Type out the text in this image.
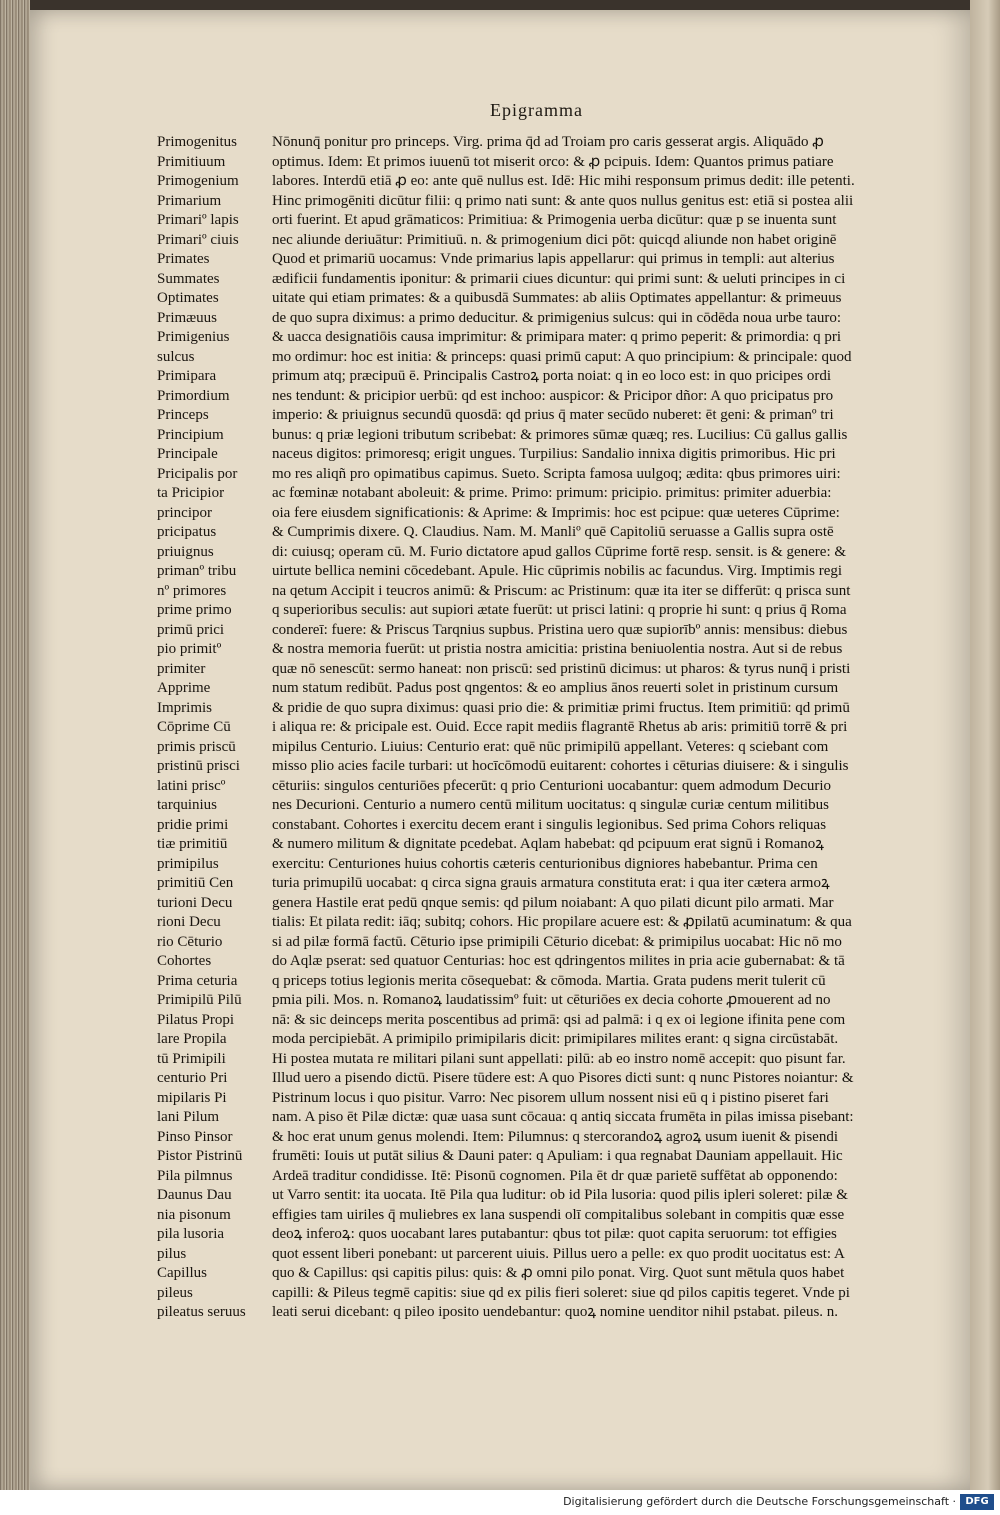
Epigramma
Primogenitus
Primitiuum
Primogenium
Primarium
Primariº lapis
Primariº ciuis
Primates
Summates
Optimates
Primæuus
Primigenius
sulcus
Primipara
Primordium
Princeps
Principium
Principale
Pricipalis por
ta Pricipior
principor
pricipatus
priuignus
primanº tribu
nº primores
prime primo
primū prici
pio primitº
primiter
Apprime
Imprimis
Cōprime Cū
primis priscū
pristinū prisci
latini priscº
tarquinius
pridie primi
tiæ primitiū
primipilus
primitiū Cen
turioni Decu
rioni Decu
rio Cēturio
Cohortes
Prima ceturia
Primipilū Pilū
Pilatus Propi
lare Propila
tū Primipili
centurio Pri
mipilaris Pi
lani Pilum
Pinso Pinsor
Pistor Pistrinū
Pila pilmnus
Daunus Dau
nia pisonum
pila lusoria
pilus
Capillus
pileus
pileatus seruus
Nōnunq̄ ponitur pro princeps. Virg. prima q̄d ad Troiam pro caris gesserat argis. Aliquādo ꝓ
optimus. Idem: Et primos iuuenū tot miserit orco: & ꝓ pcipuis. Idem: Quantos primus patiare
labores. Interdū etiā ꝓ eo: ante quē nullus est. Idē: Hic mihi responsum primus dedit: ille petenti.
Hinc primogēniti dicūtur filii: q primo nati sunt: & ante quos nullus genitus est: etiā si postea alii
orti fuerint. Et apud grāmaticos: Primitiua: & Primogenia uerba dicūtur: quæ p se inuenta sunt
nec aliunde deriuātur: Primitiuū. n. & primogenium dici pōt: quicqd aliunde non habet originē
Quod et primariū uocamus: Vnde primarius lapis appellarur: qui primus in templi: aut alterius
ædificii fundamentis iponitur: & primarii ciues dicuntur: qui primi sunt: & ueluti principes in ci
uitate qui etiam primates: & a quibusdā Summates: ab aliis Optimates appellantur: & primeuus
de quo supra diximus: a primo deducitur. & primigenius sulcus: qui in cōdēda noua urbe tauro:
& uacca designatiōis causa imprimitur: & primipara mater: q primo peperit: & primordia: q pri
mo ordimur: hoc est initia: & princeps: quasi primū caput: A quo principium: & principale: quod
primum atq; præcipuū ē. Principalis Castroꝝ porta noiat: q in eo loco est: in quo pricipes ordi
nes tendunt: & pricipior uerbū: qd est inchoo: auspicor: & Pricipor dñor: A quo pricipatus pro
imperio: & priuignus secundū quosdā: qd prius q̄ mater secūdo nuberet: ēt geni: & primanº tri
bunus: q priæ legioni tributum scribebat: & primores sūmæ quæq; res. Lucilius: Cū gallus gallis
naceus digitos: primoresq; erigit ungues. Turpilius: Sandalio innixa digitis primoribus. Hic pri
mo res aliqñ pro opimatibus capimus. Sueto. Scripta famosa uulgoq; ædita: qbus primores uiri:
ac fœminæ notabant aboleuit: & prime. Primo: primum: pricipio. primitus: primiter aduerbia:
oia fere eiusdem significationis: & Aprime: & Imprimis: hoc est pcipue: quæ ueteres Cūprime:
& Cumprimis dixere. Q. Claudius. Nam. M. Manliº quē Capitoliū seruasse a Gallis supra ostē
di: cuiusq; operam cū. M. Furio dictatore apud gallos Cūprime fortē resp. sensit. is & genere: &
uirtute bellica nemini cōcedebant. Apule. Hic cūprimis nobilis ac facundus. Virg. Imptimis regi
na qetum Accipit i teucros animū: & Priscum: ac Pristinum: quæ ita iter se differūt: q prisca sunt
q superioribus seculis: aut supiori ætate fuerūt: ut prisci latini: q proprie hi sunt: q prius q̄ Roma
condereī: fuere: & Priscus Tarqnius supbus. Pristina uero quæ supiorībº annis: mensibus: diebus
& nostra memoria fuerūt: ut pristia nostra amicitia: pristina beniuolentia nostra. Aut si de rebus
quæ nō senescūt: sermo haneat: non priscū: sed pristinū dicimus: ut pharos: & tyrus nunq̄ i pristi
num statum redibūt. Padus post qngentos: & eo amplius ānos reuerti solet in pristinum cursum
& pridie de quo supra diximus: quasi prio die: & primitiæ primi fructus. Item primitiū: qd primū
i aliqua re: & pricipale est. Ouid. Ecce rapit mediis flagrantē Rhetus ab aris: primitiū torrē & pri
mipilus Centurio. Liuius: Centurio erat: quē nūc primipilū appellant. Veteres: q sciebant com
misso plio acies facile turbari: ut hocīcōmodū euitarent: cohortes i cēturias diuisere: & i singulis
cēturiis: singulos centuriōes pfecerūt: q prio Centurioni uocabantur: quem admodum Decurio
nes Decurioni. Centurio a numero centū militum uocitatus: q singulæ curiæ centum militibus
constabant. Cohortes i exercitu decem erant i singulis legionibus. Sed prima Cohors reliquas
& numero militum & dignitate pcedebat. Aqlam habebat: qd pcipuum erat signū i Romanoꝝ
exercitu: Centuriones huius cohortis cæteris centurionibus digniores habebantur. Prima cen
turia primupilū uocabat: q circa signa grauis armatura constituta erat: i qua iter cætera armoꝝ
genera Hastile erat pedū qnque semis: qd pilum noiabant: A quo pilati dicunt pilo armati. Mar
tialis: Et pilata redit: iāq; subitq; cohors. Hic propilare acuere est: & ꝓpilatū acuminatum: & qua
si ad pilæ formā factū. Cēturio ipse primipili Cēturio dicebat: & primipilus uocabat: Hic nō mo
do Aqlæ pserat: sed quatuor Centurias: hoc est qdringentos milites in pria acie gubernabat: & tā
q priceps totius legionis merita cōsequebat: & cōmoda. Martia. Grata pudens merit tulerit cū
pmia pili. Mos. n. Romanoꝝ laudatissimº fuit: ut cēturiōes ex decia cohorte ꝓmouerent ad no
nā: & sic deinceps merita poscentibus ad primā: qsi ad palmā: i q ex oi legione ifinita pene com
moda percipiebāt. A primipilo primipilaris dicit: primipilares milites erant: q signa circūstabāt.
Hi postea mutata re militari pilani sunt appellati: pilū: ab eo instro nomē accepit: quo pisunt far.
Illud uero a pisendo dictū. Pisere tūdere est: A quo Pisores dicti sunt: q nunc Pistores noiantur: &
Pistrinum locus i quo pisitur. Varro: Nec pisorem ullum nossent nisi eū q i pistino piseret fari
nam. A piso ēt Pilæ dictæ: quæ uasa sunt cōcaua: q antiq siccata frumēta in pilas imissa pisebant:
& hoc erat unum genus molendi. Item: Pilumnus: q stercorandoꝝ agroꝝ usum iuenit & pisendi
frumēti: Iouis ut putāt silius & Dauni pater: q Apuliam: i qua regnabat Dauniam appellauit. Hic
Ardeā traditur condidisse. Itē: Pisonū cognomen. Pila ēt dr quæ parietē suffētat ab opponendo:
ut Varro sentit: ita uocata. Itē Pila qua luditur: ob id Pila lusoria: quod pilis ipleri soleret: pilæ &
effigies tam uiriles q̄ muliebres ex lana suspendi olī compitalibus solebant in compitis quæ esse
deoꝝ inferoꝝ: quos uocabant lares putabantur: qbus tot pilæ: quot capita seruorum: tot effigies
quot essent liberi ponebant: ut parcerent uiuis. Pillus uero a pelle: ex quo prodit uocitatus est: A
quo & Capillus: qsi capitis pilus: quis: & ꝓ omni pilo ponat. Virg. Quot sunt mētula quos habet
capilli: & Pileus tegmē capitis: siue qd ex pilis fieri soleret: siue qd pilos capitis tegeret. Vnde pi
leati serui dicebant: q pileo iposito uendebantur: quoꝝ nomine uenditor nihil pstabat. pileus. n.
Digitalisierung gefördert durch die Deutsche Forschungsgemeinschaft · DFG
